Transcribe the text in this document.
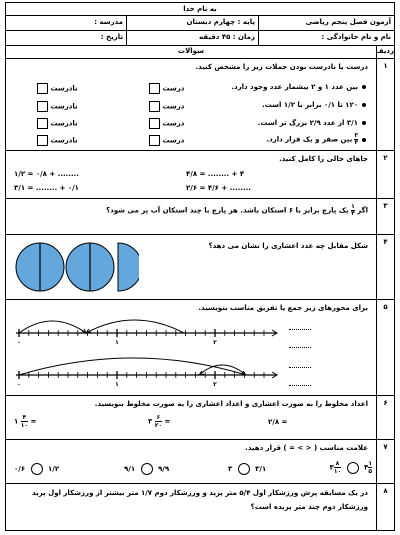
به نام خدا
آزمون فصل پنجم ریاضی
پایه : چهارم دبستان
مدرسه :
نام و نام خانوادگی :
زمان : ۴۵ دقیقه
تاریخ :
ردیف
سوالات
۱
درست یا نادرست بودن جملات زیر را مشخص کنید.
بین عدد ۱ و ۲ بیشمار عدد وجود دارد.
۱۲۰ تا ۰/۱ برابر با ۱/۲ است.
۳/۱ از عدد ۲/۹ بزرگ تر است.
۳
۴بین صفر و یک قرار دارد.
درست
نادرست
درست
نادرست
درست
نادرست
درست
نادرست
۲
جاهای خالی را کامل کنید.
۴/۸ = ........ + ۴
۱/۲ = ۰/۸ + ........
۲/۶ = ۴/۶ + ........
۳/۱ = ........ + ۰/۱
۳
اگر ۱
۴ یک پارچ برابر با ۶ استکان باشد. هر پارچ با چند استکان آب پر می شود؟
۴
شکل مقابل چه عدد اعشاری را نشان می دهد؟
۵
برای محورهای زیر جمع یا تفریق مناسب بنویسید.
۰	۱	۲
۰	۱	۲
۶
اعداد مخلوط را به صورت اعشاری و اعداد اعشاری را به صورت مخلوط بنویسید.
۱ ۴
۱۰ =	۳ ۶
۲۰ =	۲/۸ =
۷
علامت مناسب ( < > = ) قرار دهید.
۳ ۸
۱۰	۴۱
۵
۳	۳/۱
۹/۱	۹/۹
۰/۶	۱/۲
۸
در یک مسابقه پرش ورزشکار اول ۵/۴ متر پرید و ورزشکار دوم ۱/۷ متر بیشتر از ورزشکار اول پرید
ورزشکار دوم چند متر پریده است؟
